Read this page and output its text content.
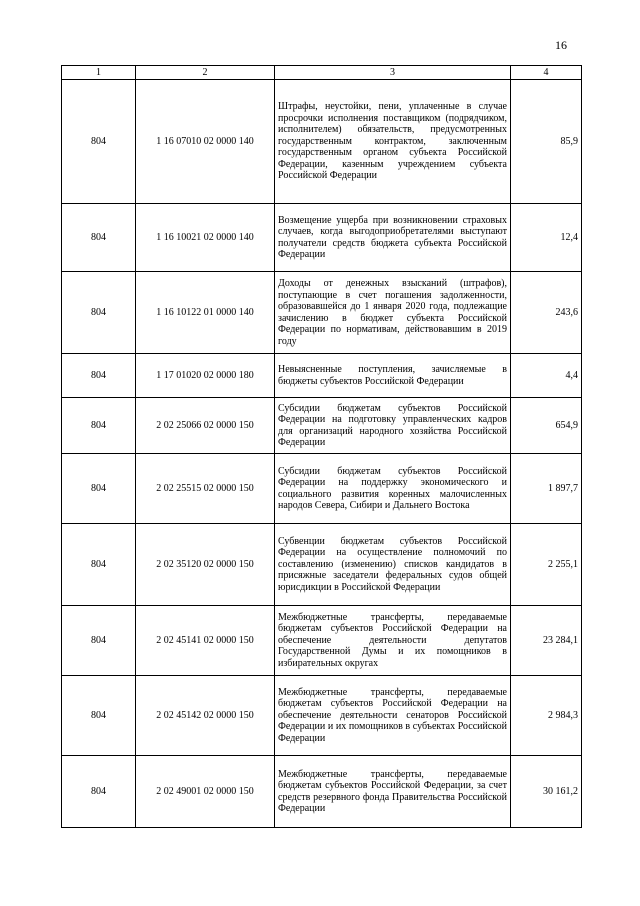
16
1	2	3	4
804	1 16 07010 02 0000 140	Штрафы, неустойки, пени, уплаченные в случае просрочки исполнения поставщиком (подрядчиком, исполнителем) обязательств, предусмотренных государственным контрактом, заключенным государственным органом субъекта Российской Федерации, казенным учреждением субъекта Российской Федерации	85,9
804	1 16 10021 02 0000 140	Возмещение ущерба при возникновении страховых случаев, когда выгодоприобретателями выступают получатели средств бюджета субъекта Российской Федерации	12,4
804	1 16 10122 01 0000 140	Доходы от денежных взысканий (штрафов), поступающие в счет погашения задолженности, образовавшейся до 1 января 2020 года, подлежащие зачислению в бюджет субъекта Российской Федерации по нормативам, действовавшим в 2019 году	243,6
804	1 17 01020 02 0000 180	Невыясненные поступления, зачисляемые в бюджеты субъектов Российской Федерации	4,4
804	2 02 25066 02 0000 150	Субсидии бюджетам субъектов Российской Федерации на подготовку управленческих кадров для организаций народного хозяйства Российской Федерации	654,9
804	2 02 25515 02 0000 150	Субсидии бюджетам субъектов Российской Федерации на поддержку экономического и социального развития коренных малочисленных народов Севера, Сибири и Дальнего Востока	1 897,7
804	2 02 35120 02 0000 150	Субвенции бюджетам субъектов Российской Федерации на осуществление полномочий по составлению (изменению) списков кандидатов в присяжные заседатели федеральных судов общей юрисдикции в Российской Федерации	2 255,1
804	2 02 45141 02 0000 150	Межбюджетные трансферты, передаваемые бюджетам субъектов Российской Федерации на обеспечение деятельности депутатов Государственной Думы и их помощников в избирательных округах	23 284,1
804	2 02 45142 02 0000 150	Межбюджетные трансферты, передаваемые бюджетам субъектов Российской Федерации на обеспечение деятельности сенаторов Российской Федерации и их помощников в субъектах Российской Федерации	2 984,3
804	2 02 49001 02 0000 150	Межбюджетные трансферты, передаваемые бюджетам субъектов Российской Федерации, за счет средств резервного фонда Правительства Российской Федерации	30 161,2
